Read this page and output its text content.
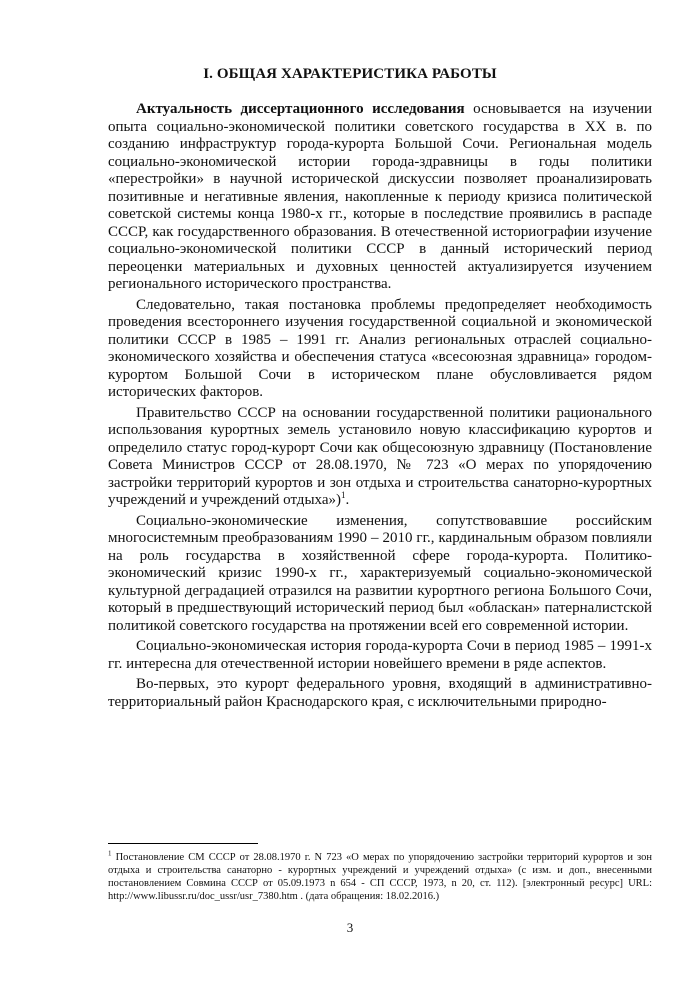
I. ОБЩАЯ ХАРАКТЕРИСТИКА РАБОТЫ

Актуальность диссертационного исследования основывается на изучении опыта социально-экономической политики советского государства в XX в. по созданию инфраструктур города-курорта Большой Сочи. Региональная модель социально-экономической истории города-здравницы в годы политики «перестройки» в научной исторической дискуссии позволяет проанализировать позитивные и негативные явления, накопленные к периоду кризиса политической советской системы конца 1980-х гг., которые в последствие проявились в распаде СССР, как государственного образования. В отечественной историографии изучение социально-экономической политики СССР в данный исторический период переоценки материальных и духовных ценностей актуализируется изучением регионального исторического пространства.

Следовательно, такая постановка проблемы предопределяет необходимость проведения всестороннего изучения государственной социальной и экономической политики СССР в 1985 – 1991 гг. Анализ региональных отраслей социально-экономического хозяйства и обеспечения статуса «всесоюзная здравница» городом-курортом Большой Сочи в историческом плане обусловливается рядом исторических факторов.

Правительство СССР на основании государственной политики рационального использования курортных земель установило новую классификацию курортов и определило статус город-курорт Сочи как общесоюзную здравницу (Постановление Совета Министров СССР от 28.08.1970, № 723 «О мерах по упорядочению застройки территорий курортов и зон отдыха и строительства санаторно-курортных учреждений и учреждений отдыха»)$^1$.

Социально-экономические изменения, сопутствовавшие российским многосистемным преобразованиям 1990 – 2010 гг., кардинальным образом повлияли на роль государства в хозяйственной сфере города-курорта. Политико-экономический кризис 1990-х гг., характеризуемый социально-экономической культурной деградацией отразился на развитии курортного региона Большого Сочи, который в предшествующий исторический период был «обласкан» патерналистской политикой советского государства на протяжении всей его современной истории.

Социально-экономическая история города-курорта Сочи в период 1985 – 1991-х гг. интересна для отечественной истории новейшего времени в ряде аспектов.

Во-первых, это курорт федерального уровня, входящий в административно-территориальный район Краснодарского края, с исключительными природно-

$^1$ Постановление СМ СССР от 28.08.1970 г. N 723 «О мерах по упорядочению застройки территорий курортов и зон отдыха и строительства санаторно - курортных учреждений и учреждений отдыха» (с изм. и доп., внесенными постановлением Совмина СССР от 05.09.1973 n 654 - СП СССР, 1973, n 20, ст. 112). [электронный ресурс] URL: http://www.libussr.ru/doc_ussr/usr_7380.htm . (дата обращения: 18.02.2016.)

3
